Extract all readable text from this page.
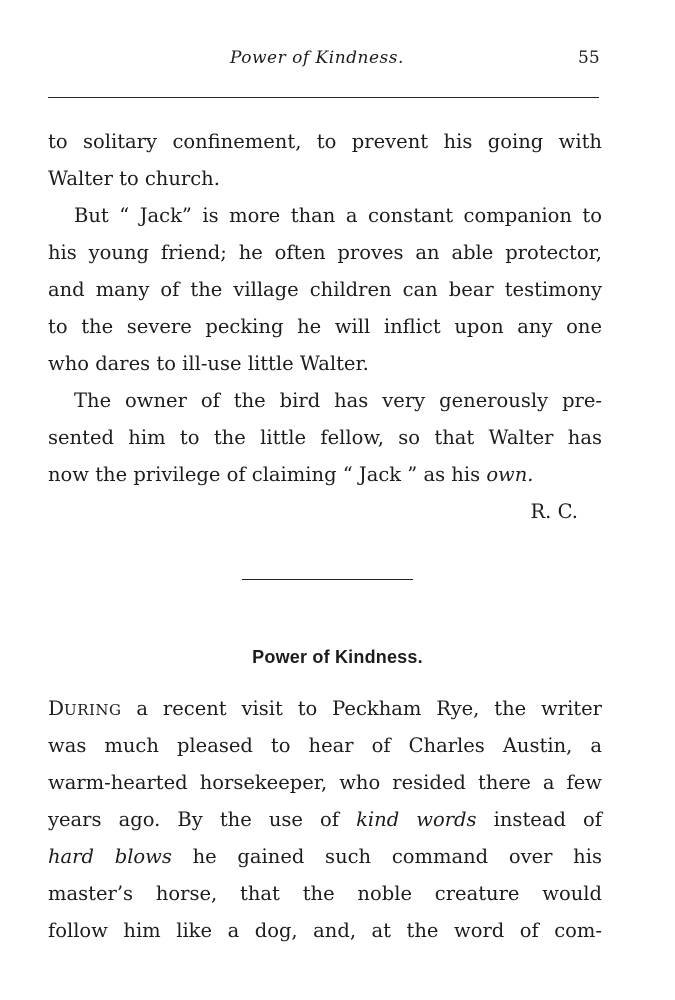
Power of Kindness.	55
to solitary confinement, to prevent his going with
Walter to church.
But “ Jack” is more than a constant companion to
his young friend; he often proves an able protector,
and many of the village children can bear testimony
to the severe pecking he will inflict upon any one
who dares to ill-use little Walter.
The owner of the bird has very generously pre-
sented him to the little fellow, so that Walter has
now the privilege of claiming “ Jack ” as his own.
R. C.
Power of Kindness.
DURING a recent visit to Peckham Rye, the writer
was much pleased to hear of Charles Austin, a
warm-hearted horsekeeper, who resided there a few
years ago. By the use of kind words instead of
hard blows he gained such command over his
master’s horse, that the noble creature would
follow him like a dog, and, at the word of com-
